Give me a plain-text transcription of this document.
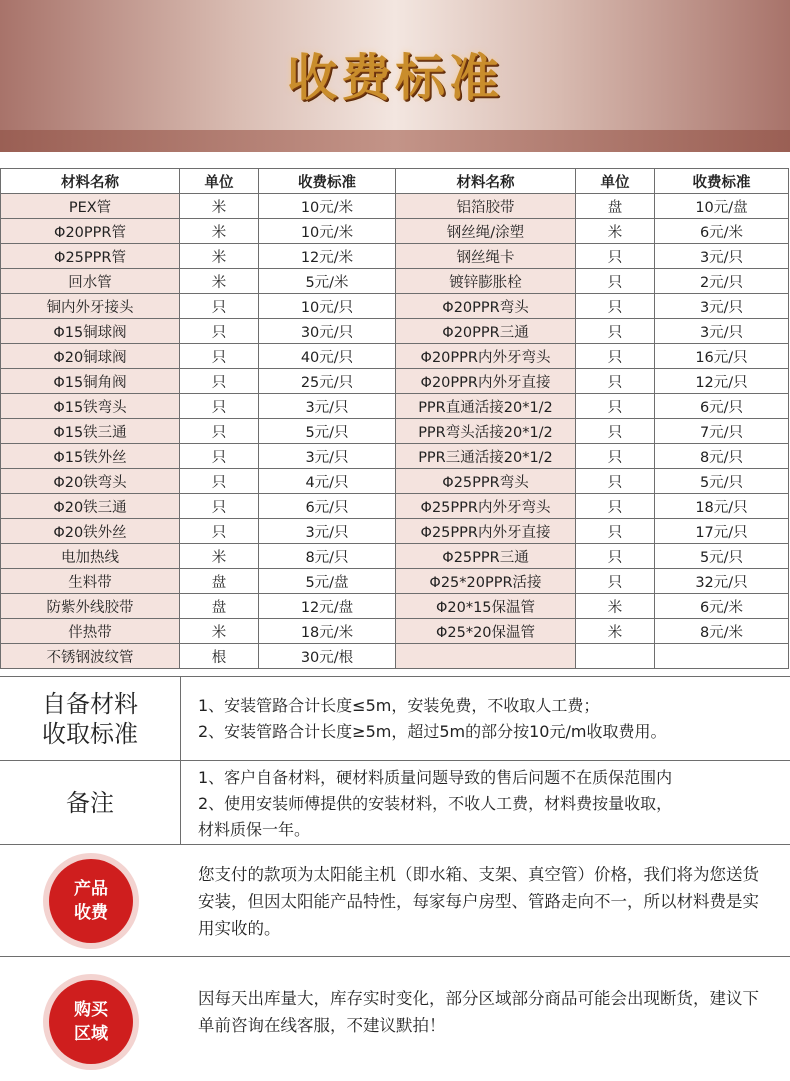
收费标准
材料名称	单位	收费标准	材料名称	单位	收费标准
PEX管	米	10元/米	铝箔胶带	盘	10元/盘
Φ20PPR管	米	10元/米	钢丝绳/涂塑	米	6元/米
Φ25PPR管	米	12元/米	钢丝绳卡	只	3元/只
回水管	米	5元/米	镀锌膨胀栓	只	2元/只
铜内外牙接头	只	10元/只	Φ20PPR弯头	只	3元/只
Φ15铜球阀	只	30元/只	Φ20PPR三通	只	3元/只
Φ20铜球阀	只	40元/只	Φ20PPR内外牙弯头	只	16元/只
Φ15铜角阀	只	25元/只	Φ20PPR内外牙直接	只	12元/只
Φ15铁弯头	只	3元/只	PPR直通活接20*1/2	只	6元/只
Φ15铁三通	只	5元/只	PPR弯头活接20*1/2	只	7元/只
Φ15铁外丝	只	3元/只	PPR三通活接20*1/2	只	8元/只
Φ20铁弯头	只	4元/只	Φ25PPR弯头	只	5元/只
Φ20铁三通	只	6元/只	Φ25PPR内外牙弯头	只	18元/只
Φ20铁外丝	只	3元/只	Φ25PPR内外牙直接	只	17元/只
电加热线	米	8元/只	Φ25PPR三通	只	5元/只
生料带	盘	5元/盘	Φ25*20PPR活接	只	32元/只
防紫外线胶带	盘	12元/盘	Φ20*15保温管	米	6元/米
伴热带	米	18元/米	Φ25*20保温管	米	8元/米
不锈钢波纹管	根	30元/根			
自备材料
收取标准
1、安装管路合计长度≤5m，安装免费，不收取人工费；
2、安装管路合计长度≥5m，超过5m的部分按10元/m收取费用。
备注
1、客户自备材料，硬材料质量问题导致的售后问题不在质保范围内
2、使用安装师傅提供的安装材料，不收人工费，材料费按量收取，
材料质保一年。
产品
收费
您支付的款项为太阳能主机（即水箱、支架、真空管）价格，我们将为您送货安装，但因太阳能产品特性，每家每户房型、管路走向不一，所以材料费是实用实收的。
购买
区域
因每天出库量大，库存实时变化，部分区域部分商品可能会出现断货，建议下单前咨询在线客服，不建议默拍！
